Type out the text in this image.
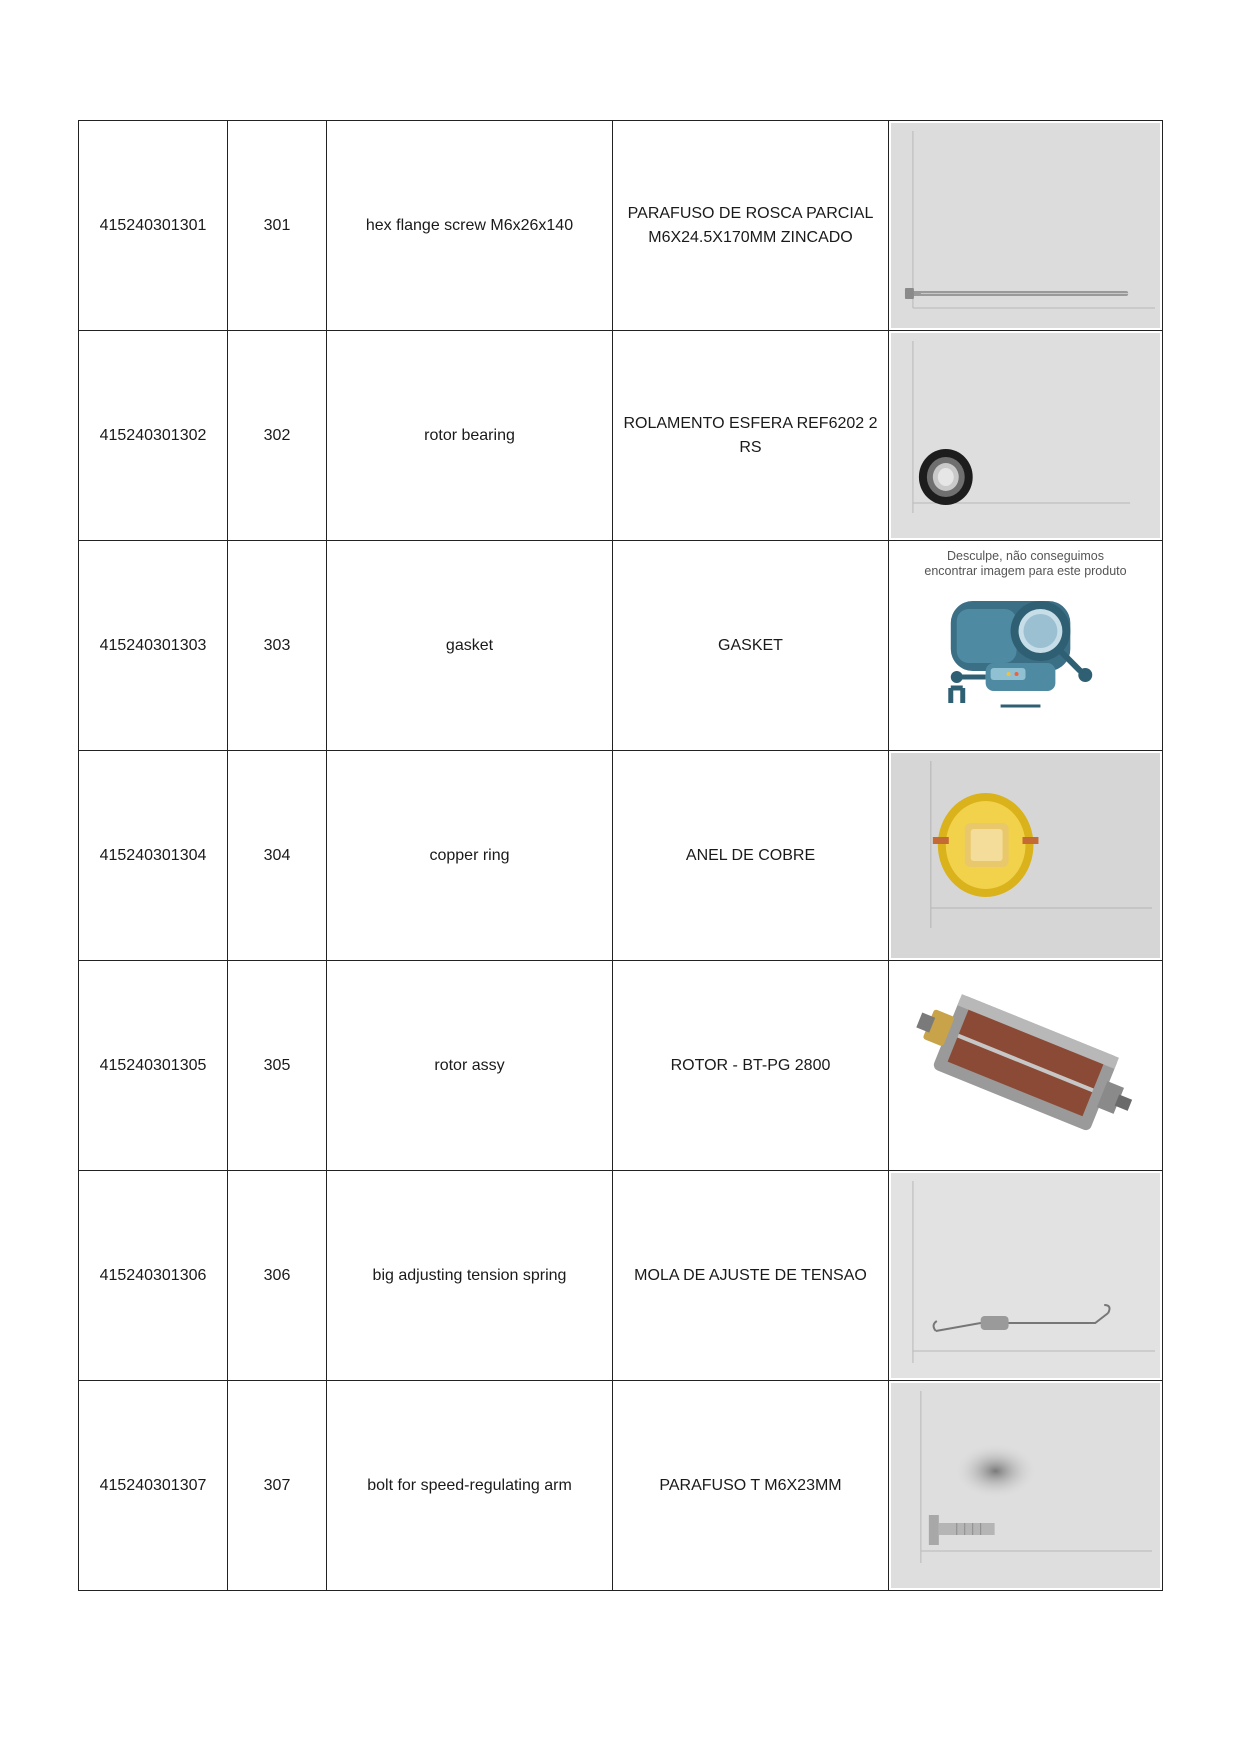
415240301301	301	hex flange screw M6x26x140	PARAFUSO DE ROSCA PARCIAL M6X24.5X170MM ZINCADO	

415240301302	302	rotor bearing	ROLAMENTO ESFERA REF6202 2 RS	

415240301303	303	gasket	GASKET	Desculpe, não conseguimos
encontrar imagem para este produto

415240301304	304	copper ring	ANEL DE COBRE	

415240301305	305	rotor assy	ROTOR - BT-PG 2800	

415240301306	306	big adjusting tension spring	MOLA DE AJUSTE DE TENSAO	

415240301307	307	bolt for speed-regulating arm	PARAFUSO T M6X23MM	
